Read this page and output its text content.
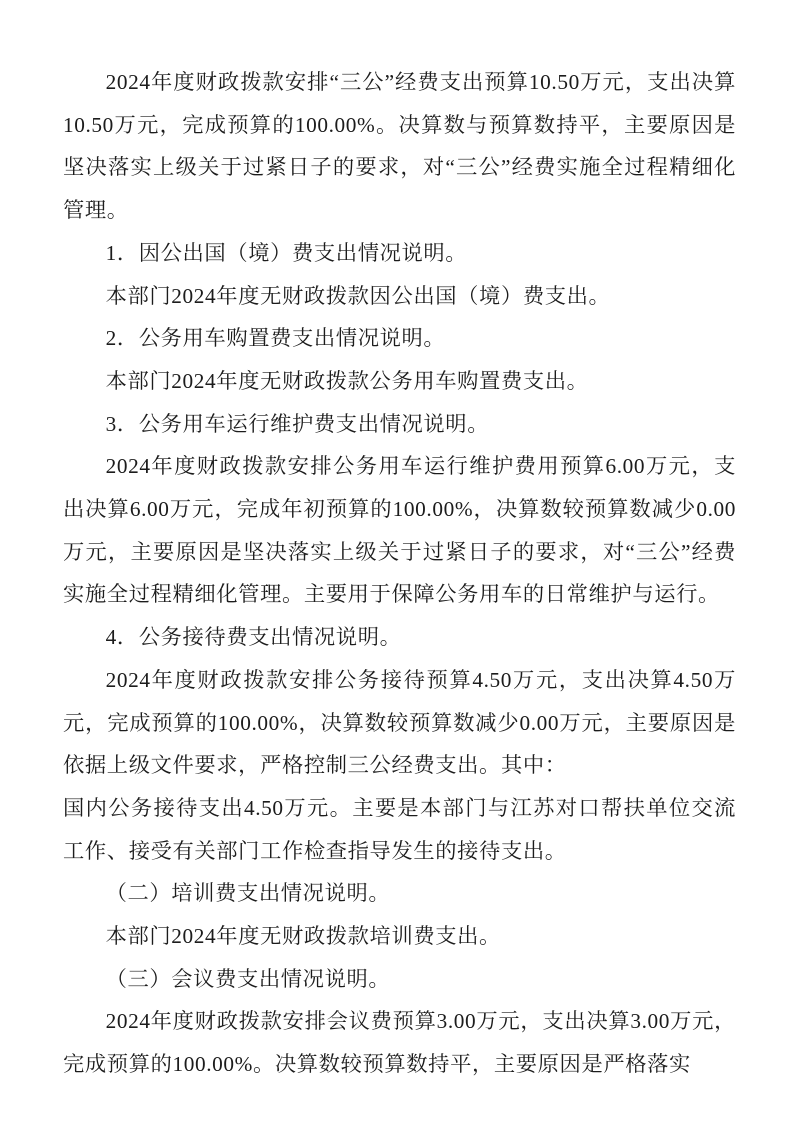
2024年度财政拨款安排“三公”经费支出预算10.50万元，支出决算10.50万元，完成预算的100.00%。决算数与预算数持平，主要原因是坚决落实上级关于过紧日子的要求，对“三公”经费实施全过程精细化管理。

1．因公出国（境）费支出情况说明。

本部门2024年度无财政拨款因公出国（境）费支出。

2．公务用车购置费支出情况说明。

本部门2024年度无财政拨款公务用车购置费支出。

3．公务用车运行维护费支出情况说明。

2024年度财政拨款安排公务用车运行维护费用预算6.00万元，支出决算6.00万元，完成年初预算的100.00%，决算数较预算数减少0.00万元，主要原因是坚决落实上级关于过紧日子的要求，对“三公”经费实施全过程精细化管理。主要用于保障公务用车的日常维护与运行。

4．公务接待费支出情况说明。

2024年度财政拨款安排公务接待预算4.50万元，支出决算4.50万元，完成预算的100.00%，决算数较预算数减少0.00万元，主要原因是依据上级文件要求，严格控制三公经费支出。其中：

国内公务接待支出4.50万元。主要是本部门与江苏对口帮扶单位交流工作、接受有关部门工作检查指导发生的接待支出。

（二）培训费支出情况说明。

本部门2024年度无财政拨款培训费支出。

（三）会议费支出情况说明。

2024年度财政拨款安排会议费预算3.00万元，支出决算3.00万元，完成预算的100.00%。决算数较预算数持平，主要原因是严格落实
